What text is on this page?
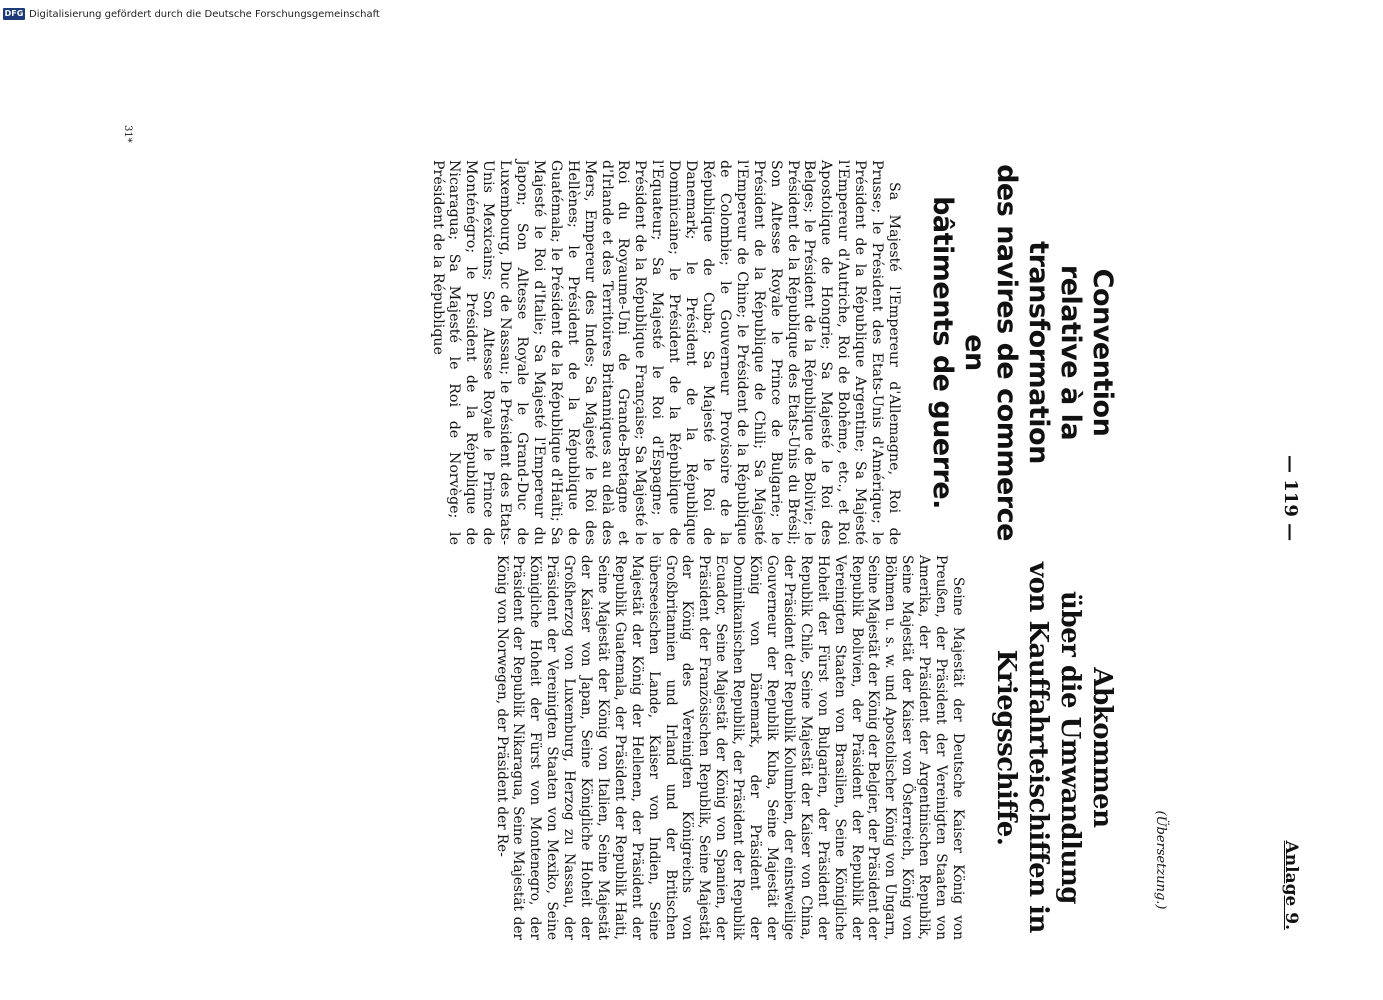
— 119 —
Anlage 9.
(Übersetzung.)
Convention
relative à la transformation
des navires de commerce en
bâtiments de guerre.

Sa Majesté l'Empereur d'Allemagne, Roi de Prusse; le Président des Etats-Unis d'Amérique; le Président de la République Argentine; Sa Majesté l'Empereur d'Autriche, Roi de Bohême, etc., et Roi Apostolique de Hongrie; Sa Majesté le Roi des Belges; le Président de la République de Bolivie; le Président de la République des Etats-Unis du Brésil; Son Altesse Royale le Prince de Bulgarie; le Président de la République de Chili; Sa Majesté l'Empereur de Chine; le Président de la République de Colombie; le Gouverneur Provisoire de la République de Cuba; Sa Majesté le Roi de Danemark; le Président de la République Dominicaine; le Président de la République de l'Equateur; Sa Majesté le Roi d'Espagne; le Président de la République Française; Sa Majesté le Roi du Royaume-Uni de Grande-Bretagne et d'Irlande et des Territoires Britanniques au delà des Mers, Empereur des Indes; Sa Majesté le Roi des Hellènes; le Président de la République de Guatémala; le Président de la République d'Haïti; Sa Majesté le Roi d'Italie; Sa Majesté l'Empereur du Japon; Son Altesse Royale le Grand-Duc de Luxembourg, Duc de Nassau; le Président des Etats-Unis Mexicains; Son Altesse Royale le Prince de Monténégro; le Président de la République de Nicaragua; Sa Majesté le Roi de Norvège; le Président de la République

Abkommen
über die Umwandlung
von Kauffahrteischiffen in
Kriegsschiffe.

Seine Majestät der Deutsche Kaiser König von Preußen, der Präsident der Vereinigten Staaten von Amerika, der Präsident der Argentinischen Republik, Seine Majestät der Kaiser von Österreich, König von Böhmen u. s. w. und Apostolischer König von Ungarn, Seine Majestät der König der Belgier, der Präsident der Republik Bolivien, der Präsident der Republik der Vereinigten Staaten von Brasilien, Seine Königliche Hoheit der Fürst von Bulgarien, der Präsident der Republik Chile, Seine Majestät der Kaiser von China, der Präsident der Republik Kolumbien, der einstweilige Gouverneur der Republik Kuba, Seine Majestät der König von Dänemark, der Präsident der Dominikanischen Republik, der Präsident der Republik Ecuador, Seine Majestät der König von Spanien, der Präsident der Französischen Republik, Seine Majestät der König des Vereinigten Königreichs von Großbritannien und Irland und der Britischen überseeischen Lande, Kaiser von Indien, Seine Majestät der König der Hellenen, der Präsident der Republik Guatemala, der Präsident der Republik Haiti, Seine Majestät der König von Italien, Seine Majestät der Kaiser von Japan, Seine Königliche Hoheit der Großherzog von Luxemburg, Herzog zu Nassau, der Präsident der Vereinigten Staaten von Mexiko, Seine Königliche Hoheit der Fürst von Montenegro, der Präsident der Republik Nikaragua, Seine Majestät der König von Norwegen, der Präsident der Re-

31*
DFG Digitalisierung gefördert durch die Deutsche Forschungsgemeinschaft
